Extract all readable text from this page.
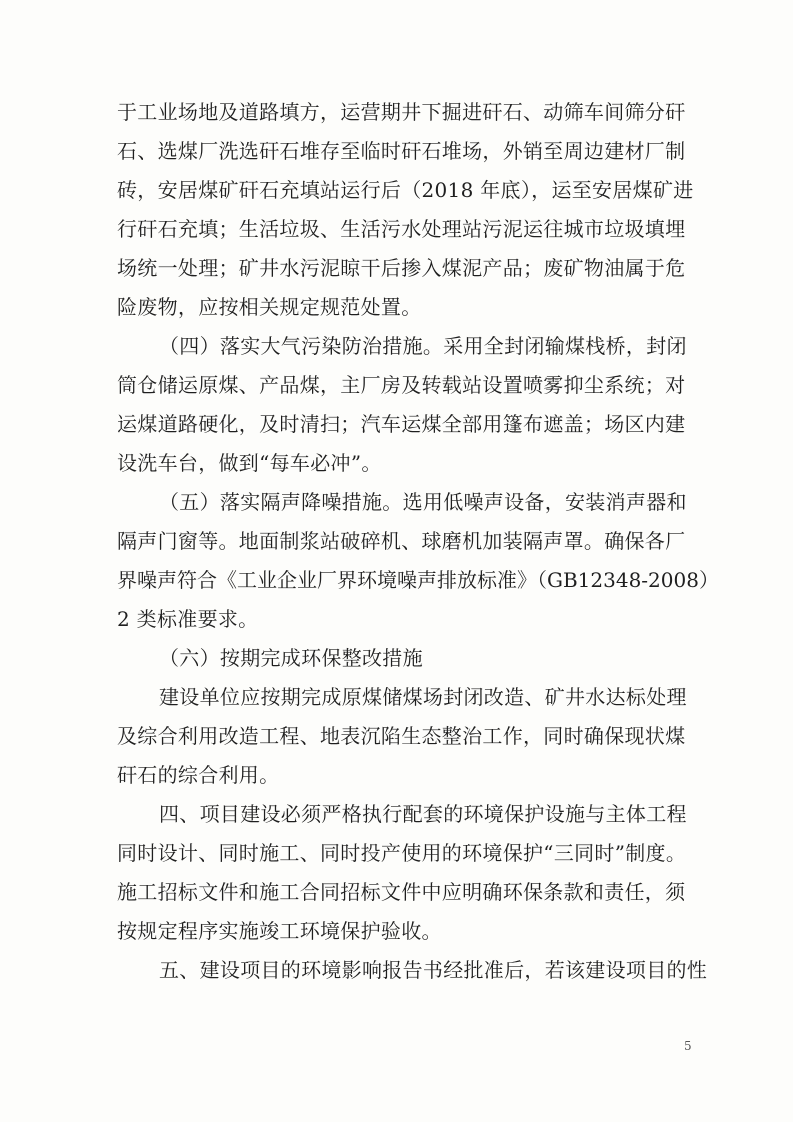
于工业场地及道路填方，运营期井下掘进矸石、动筛车间筛分矸
石、选煤厂洗选矸石堆存至临时矸石堆场，外销至周边建材厂制
砖，安居煤矿矸石充填站运行后（2018 年底），运至安居煤矿进
行矸石充填；生活垃圾、生活污水处理站污泥运往城市垃圾填埋
场统一处理；矿井水污泥晾干后掺入煤泥产品；废矿物油属于危
险废物，应按相关规定规范处置。
（四）落实大气污染防治措施。采用全封闭输煤栈桥，封闭
筒仓储运原煤、产品煤，主厂房及转载站设置喷雾抑尘系统；对
运煤道路硬化，及时清扫；汽车运煤全部用篷布遮盖；场区内建
设洗车台，做到“每车必冲”。
（五）落实隔声降噪措施。选用低噪声设备，安装消声器和
隔声门窗等。地面制浆站破碎机、球磨机加装隔声罩。确保各厂
界噪声符合《工业企业厂界环境噪声排放标准》（GB12348-2008）
2 类标准要求。
（六）按期完成环保整改措施
建设单位应按期完成原煤储煤场封闭改造、矿井水达标处理
及综合利用改造工程、地表沉陷生态整治工作，同时确保现状煤
矸石的综合利用。
四、项目建设必须严格执行配套的环境保护设施与主体工程
同时设计、同时施工、同时投产使用的环境保护“三同时”制度。
施工招标文件和施工合同招标文件中应明确环保条款和责任，须
按规定程序实施竣工环境保护验收。
五、建设项目的环境影响报告书经批准后，若该建设项目的性
5
